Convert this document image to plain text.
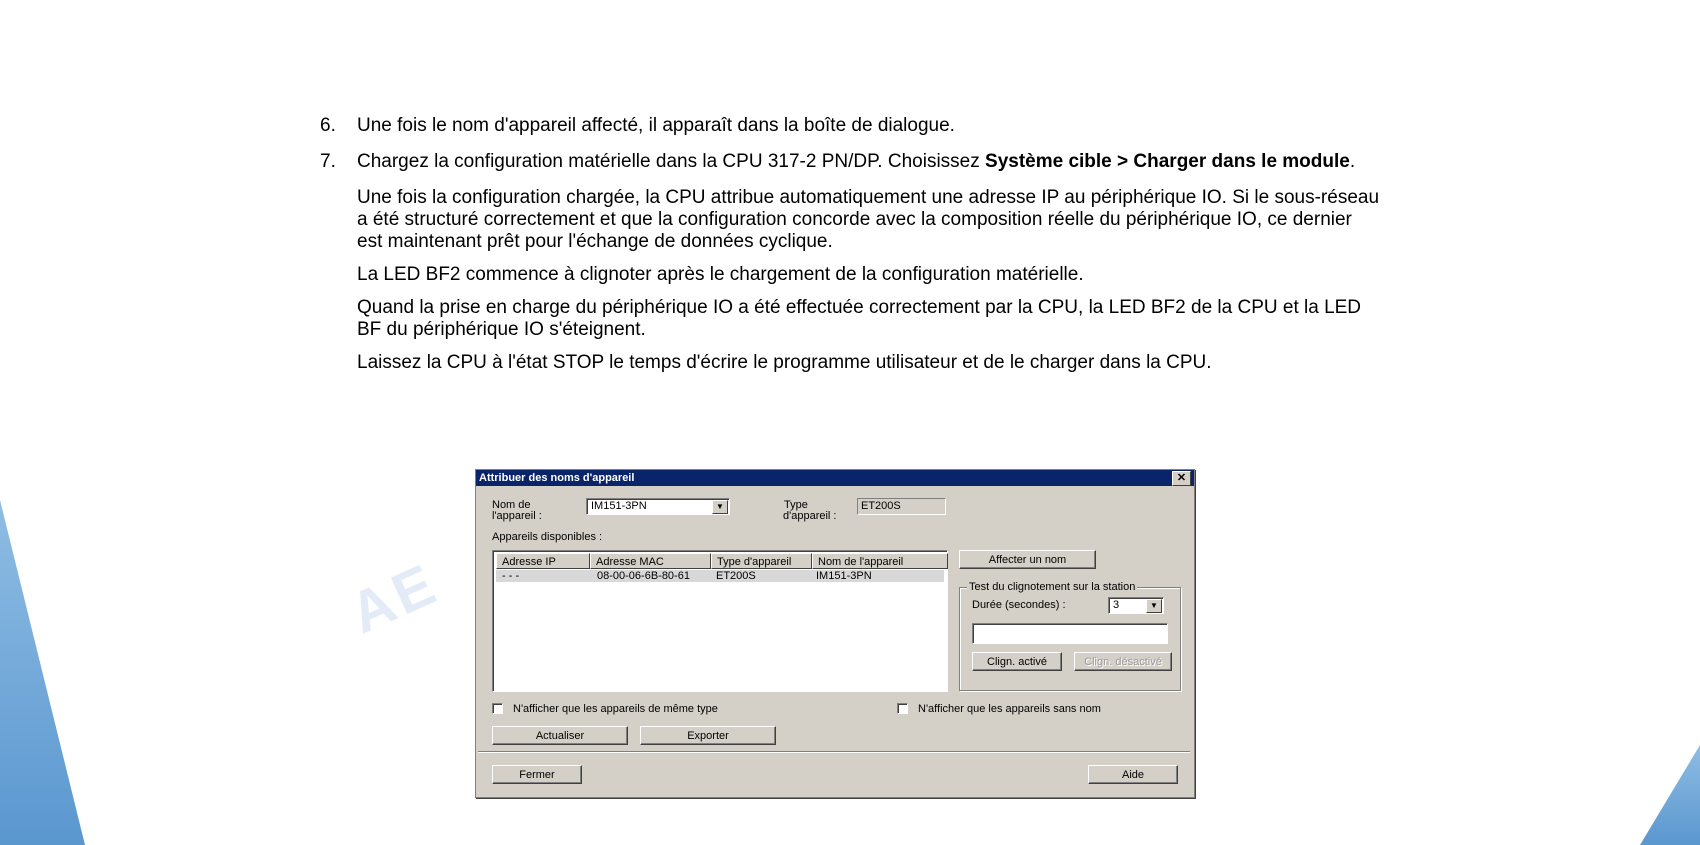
6. Une fois le nom d'appareil affecté, il apparaît dans la boîte de dialogue.
7. Chargez la configuration matérielle dans la CPU 317-2 PN/DP. Choisissez Système cible > Charger dans le module.
Une fois la configuration chargée, la CPU attribue automatiquement une adresse IP au périphérique IO. Si le sous-réseau a été structuré correctement et que la configuration concorde avec la composition réelle du périphérique IO, ce dernier est maintenant prêt pour l'échange de données cyclique.
La LED BF2 commence à clignoter après le chargement de la configuration matérielle.
Quand la prise en charge du périphérique IO a été effectuée correctement par la CPU, la LED BF2 de la CPU et la LED BF du périphérique IO s'éteignent.
Laissez la CPU à l'état STOP le temps d'écrire le programme utilisateur et de le charger dans la CPU.
AE
Attribuer des noms d'appareil	✕
Nom de
l'appareil :
IM151-3PN	▼	Type
d'appareil :
ET200S
Appareils disponibles :
Adresse IP	Adresse MAC	Type d'appareil	Nom de l'appareil
- - -	08-00-06-6B-80-61 ET200S	IM151-3PN
Affecter un nom
Test du clignotement sur la station
Durée (secondes) :	3	▼
Clign. activé	Clign. désactivé
N'afficher que les appareils de même type	N'afficher que les appareils sans nom
Actualiser	Exporter
Fermer	Aide
